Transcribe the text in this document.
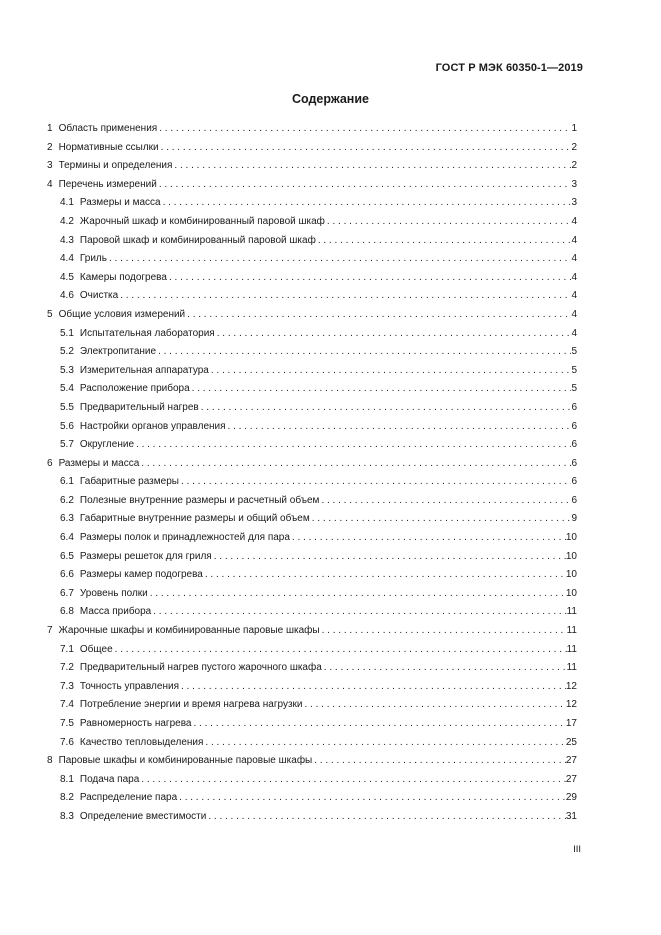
ГОСТ Р МЭК 60350-1—2019
Содержание
1 Область применения . . .	1
2 Нормативные ссылки . . .	2
3 Термины и определения . . .	2
4 Перечень измерений . . .	3
4.1 Размеры и масса . . .	3
4.2 Жарочный шкаф и комбинированный паровой шкаф . . .	4
4.3 Паровой шкаф и комбинированный паровой шкаф . . .	4
4.4 Гриль . . .	4
4.5 Камеры подогрева . . .	4
4.6 Очистка . . .	4
5 Общие условия измерений . . .	4
5.1 Испытательная лаборатория . . .	4
5.2 Электропитание . . .	5
5.3 Измерительная аппаратура . . .	5
5.4 Расположение прибора . . .	5
5.5 Предварительный нагрев . . .	6
5.6 Настройки органов управления . . .	6
5.7 Округление . . .	6
6 Размеры и масса . . .	6
6.1 Габаритные размеры . . .	6
6.2 Полезные внутренние размеры и расчетный объем . . .	6
6.3 Габаритные внутренние размеры и общий объем . . .	9
6.4 Размеры полок и принадлежностей для пара . . .	10
6.5 Размеры решеток для гриля . . .	10
6.6 Размеры камер подогрева . . .	10
6.7 Уровень полки . . .	10
6.8 Масса прибора . . .	11
7 Жарочные шкафы и комбинированные паровые шкафы . . .	11
7.1 Общее . . .	11
7.2 Предварительный нагрев пустого жарочного шкафа . . .	11
7.3 Точность управления . . .	12
7.4 Потребление энергии и время нагрева нагрузки . . .	12
7.5 Равномерность нагрева . . .	17
7.6 Качество тепловыделения . . .	25
8 Паровые шкафы и комбинированные паровые шкафы . . .	27
8.1 Подача пара . . .	27
8.2 Распределение пара . . .	29
8.3 Определение вместимости . . .	31
III
